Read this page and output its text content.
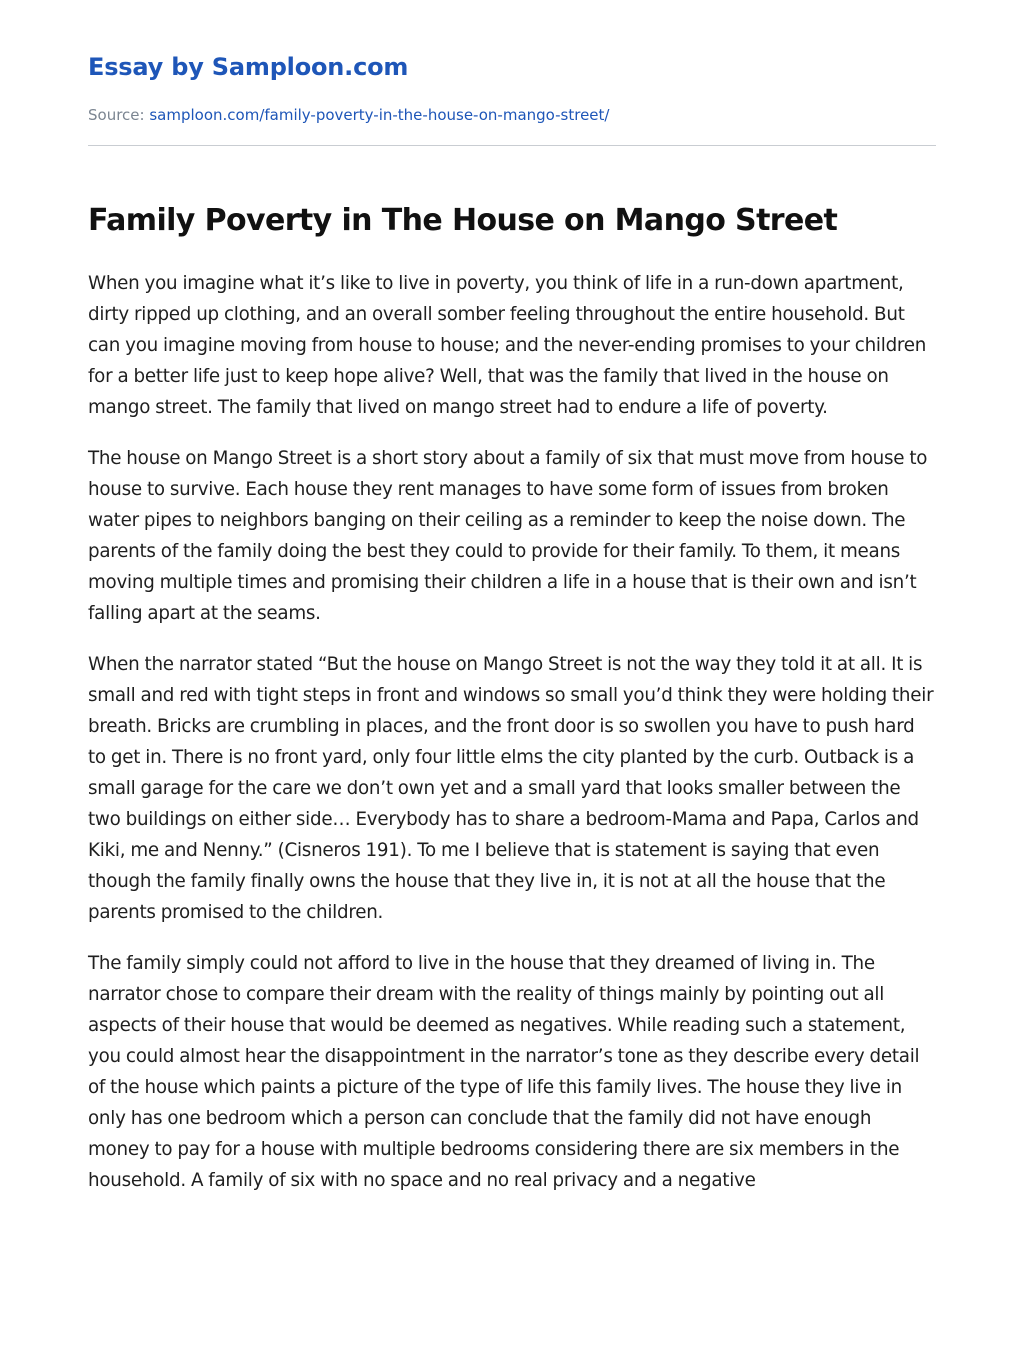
Essay by Samploon.com
Source: samploon.com/family-poverty-in-the-house-on-mango-street/
Family Poverty in The House on Mango Street

When you imagine what it’s like to live in poverty, you think of life in a run-down apartment, dirty ripped up clothing, and an overall somber feeling throughout the entire household. But can you imagine moving from house to house; and the never-ending promises to your children for a better life just to keep hope alive? Well, that was the family that lived in the house on mango street. The family that lived on mango street had to endure a life of poverty.

The house on Mango Street is a short story about a family of six that must move from house to house to survive. Each house they rent manages to have some form of issues from broken water pipes to neighbors banging on their ceiling as a reminder to keep the noise down. The parents of the family doing the best they could to provide for their family. To them, it means moving multiple times and promising their children a life in a house that is their own and isn’t falling apart at the seams.

When the narrator stated “But the house on Mango Street is not the way they told it at all. It is small and red with tight steps in front and windows so small you’d think they were holding their breath. Bricks are crumbling in places, and the front door is so swollen you have to push hard to get in. There is no front yard, only four little elms the city planted by the curb. Outback is a small garage for the care we don’t own yet and a small yard that looks smaller between the two buildings on either side… Everybody has to share a bedroom-Mama and Papa, Carlos and Kiki, me and Nenny.” (Cisneros 191). To me I believe that is statement is saying that even though the family finally owns the house that they live in, it is not at all the house that the parents promised to the children.

The family simply could not afford to live in the house that they dreamed of living in. The narrator chose to compare their dream with the reality of things mainly by pointing out all aspects of their house that would be deemed as negatives. While reading such a statement, you could almost hear the disappointment in the narrator’s tone as they describe every detail of the house which paints a picture of the type of life this family lives. The house they live in only has one bedroom which a person can conclude that the family did not have enough money to pay for a house with multiple bedrooms considering there are six members in the household. A family of six with no space and no real privacy and a negative
